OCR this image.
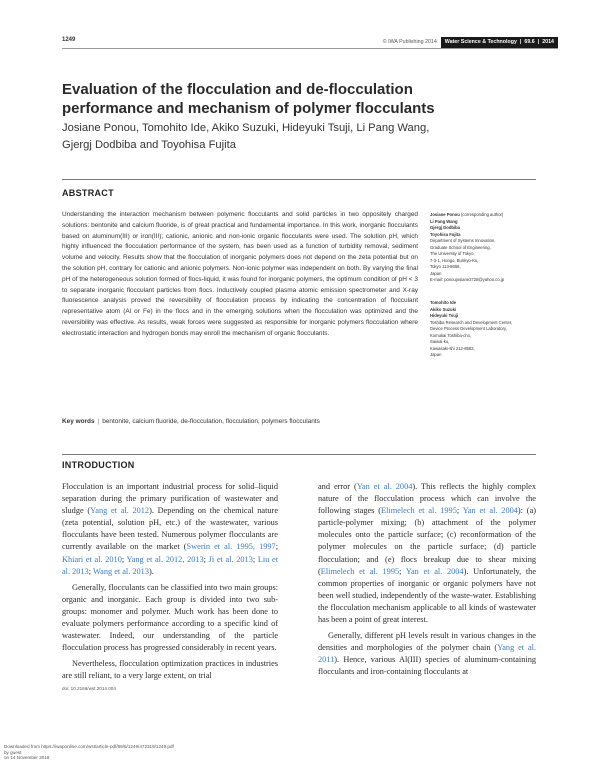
1249	© IWA Publishing 2014 Water Science & Technology | 69.6 | 2014
Evaluation of the flocculation and de-flocculation performance and mechanism of polymer flocculants
Josiane Ponou, Tomohito Ide, Akiko Suzuki, Hideyuki Tsuji, Li Pang Wang, Gjergj Dodbiba and Toyohisa Fujita
ABSTRACT

Understanding the interaction mechanism between polymeric flocculants and solid particles in two oppositely charged solutions: bentonite and calcium fluoride, is of great practical and fundamental importance. In this work, inorganic flocculants based on aluminum(III) or iron(III); cationic, anionic and non-ionic organic flocculants were used. The solution pH, which highly influenced the flocculation performance of the system, has been used as a function of turbidity removal, sediment volume and velocity. Results show that the flocculation of inorganic polymers does not depend on the zeta potential but on the solution pH, contrary for cationic and anionic polymers. Non-ionic polymer was independent on both. By varying the final pH of the heterogeneous solution formed of flocs-liquid, it was found for inorganic polymers, the optimum condition of pH < 3 to separate inorganic flocculant particles from flocs. Inductively coupled plasma atomic emission spectrometer and X-ray fluorescence analysis proved the reversibility of flocculation process by indicating the concentration of flocculant representative atom (Al or Fe) in the flocs and in the emerging solutions when the flocculation was optimized and the reversibility was effective. As results, weak forces were suggested as responsible for inorganic polymers flocculation where electrostatic interaction and hydrogen bonds may enroll the mechanism of organic flocculants.

Key words | bentonite, calcium fluoride, de-flocculation, flocculation, polymers flocculants
Josiane Ponou (corresponding author)
Li Pang Wang
Gjergj Dodbiba
Toyohisa Fujita
Department of Systems Innovation,
Graduate School of Engineering,
The University of Tokyo,
7-3-1, Hongo, Bunkyo-Ku,
Tokyo 113-8656,
Japan
E-mail: ponoujosiane2728@yahoo.co.jp
Tomohito Ide
Akiko Suzuki
Hideyuki Tsuji
Toshiba Research and Development Center,
Device Process Development Laboratory,
Komukai Toshiba-cho,
Saiwai-ku,
Kawasaki-shi 212-8582,
Japan
INTRODUCTION

Flocculation is an important industrial process for solid–liquid separation during the primary purification of wastewater and sludge (Yang et al. 2012). Depending on the chemical nature (zeta potential, solution pH, etc.) of the wastewater, various flocculants have been tested. Numerous polymer flocculants are currently available on the market (Swerin et al. 1995, 1997; Khiari et al. 2010; Yang et al. 2012, 2013; Ji et al. 2013; Liu et al. 2013; Wang et al. 2013).

Generally, flocculants can be classified into two main groups: organic and inorganic. Each group is divided into two sub-groups: monomer and polymer. Much work has been done to evaluate polymers performance according to a specific kind of wastewater. Indeed, our understanding of the particle flocculation process has progressed considerably in recent years.

Nevertheless, flocculation optimization practices in industries are still reliant, to a very large extent, on trial

and error (Yan et al. 2004). This reflects the highly complex nature of the flocculation process which can involve the following stages (Elimelech et al. 1995; Yan et al. 2004): (a) particle-polymer mixing; (b) attachment of the polymer molecules onto the particle surface; (c) reconformation of the polymer molecules on the particle surface; (d) particle flocculation; and (e) flocs breakup due to shear mixing (Elimelech et al. 1995; Yan et al. 2004). Unfortunately, the common properties of inorganic or organic polymers have not been well studied, independently of the waste-water. Establishing the flocculation mechanism applicable to all kinds of wastewater has been a point of great interest.

Generally, different pH levels result in various changes in the densities and morphologies of the polymer chain (Yang et al. 2011). Hence, various Al(III) species of aluminum-containing flocculants and iron-containing flocculants at

doi: 10.2166/wst.2014.004
Downloaded from https://iwaponline.com/wst/article-pdf/69/6/1249/472319/1249.pdf
by guest
on 14 November 2018
